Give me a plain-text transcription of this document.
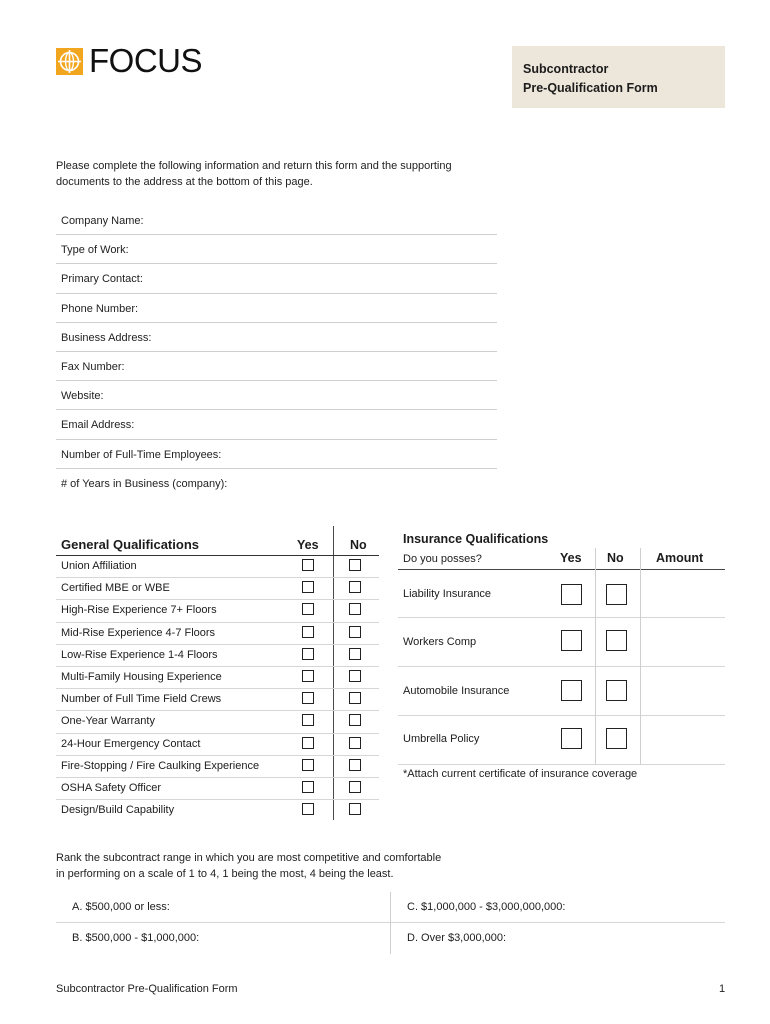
FOCUS	Subcontractor
Pre-Qualification Form
Please complete the following information and return this form and the supporting documents to the address at the bottom of this page.
Company Name:
Type of Work:
Primary Contact:
Phone Number:
Business Address:
Fax Number:
Website:
Email Address:
Number of Full-Time Employees:
# of Years in Business (company):
General Qualifications	Yes	No
Union Affiliation
Certified MBE or WBE
High-Rise Experience 7+ Floors
Mid-Rise Experience 4-7 Floors
Low-Rise Experience 1-4 Floors
Multi-Family Housing Experience
Number of Full Time Field Crews
One-Year Warranty
24-Hour Emergency Contact
Fire-Stopping / Fire Caulking Experience
OSHA Safety Officer
Design/Build Capability
Insurance Qualifications
Do you posses?	Yes No	Amount
Liability Insurance
Workers Comp
Automobile Insurance
Umbrella Policy
*Attach current certificate of insurance coverage
Rank the subcontract range in which you are most competitive and comfortable
in performing on a scale of 1 to 4, 1 being the most, 4 being the least.
A. $500,000 or less:	C. $1,000,000 - $3,000,000,000:
B. $500,000 - $1,000,000:	D. Over $3,000,000:
Subcontractor Pre-Qualification Form	1
